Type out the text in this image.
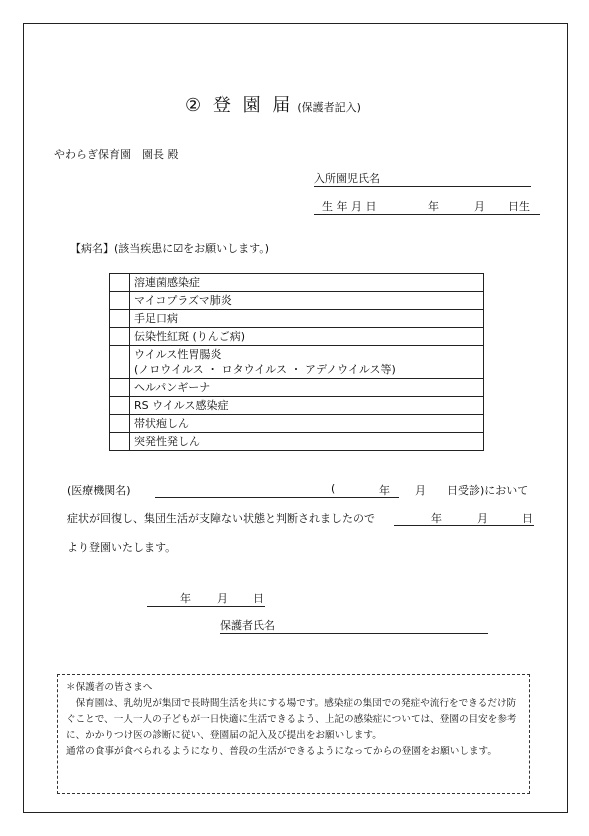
② 登 園 届 (保護者記入)
やわらぎ保育園　園長 殿
入所園児氏名
生 年 月 日	年	月 日生
【病名】(該当疾患に☑をお願いします。)
	溶連菌感染症
	マイコプラズマ肺炎
	手足口病
	伝染性紅斑 (りんご病)

	ウイルス性胃腸炎
(ノロウイルス ・ ロタウイルス ・ アデノウイルス等)

	ヘルパンギーナ
	RS ウイルス感染症
	帯状疱しん
	突発性発しん
(医療機関名)	(	年 月 日受診)において
症状が回復し、集団生活が支障ない状態と判断されましたので	年	月	日
より登園いたします。
年 月 日
保護者氏名

＊保護者の皆さまへ

保育園は、乳幼児が集団で長時間生活を共にする場です。感染症の集団での発症や流行をできるだけ防ぐことで、一人一人の子どもが一日快適に生活できるよう、上記の感染症については、登園の目安を参考に、かかりつけ医の診断に従い、登園届の記入及び提出をお願いします。

通常の食事が食べられるようになり、普段の生活ができるようになってからの登園をお願いします。
